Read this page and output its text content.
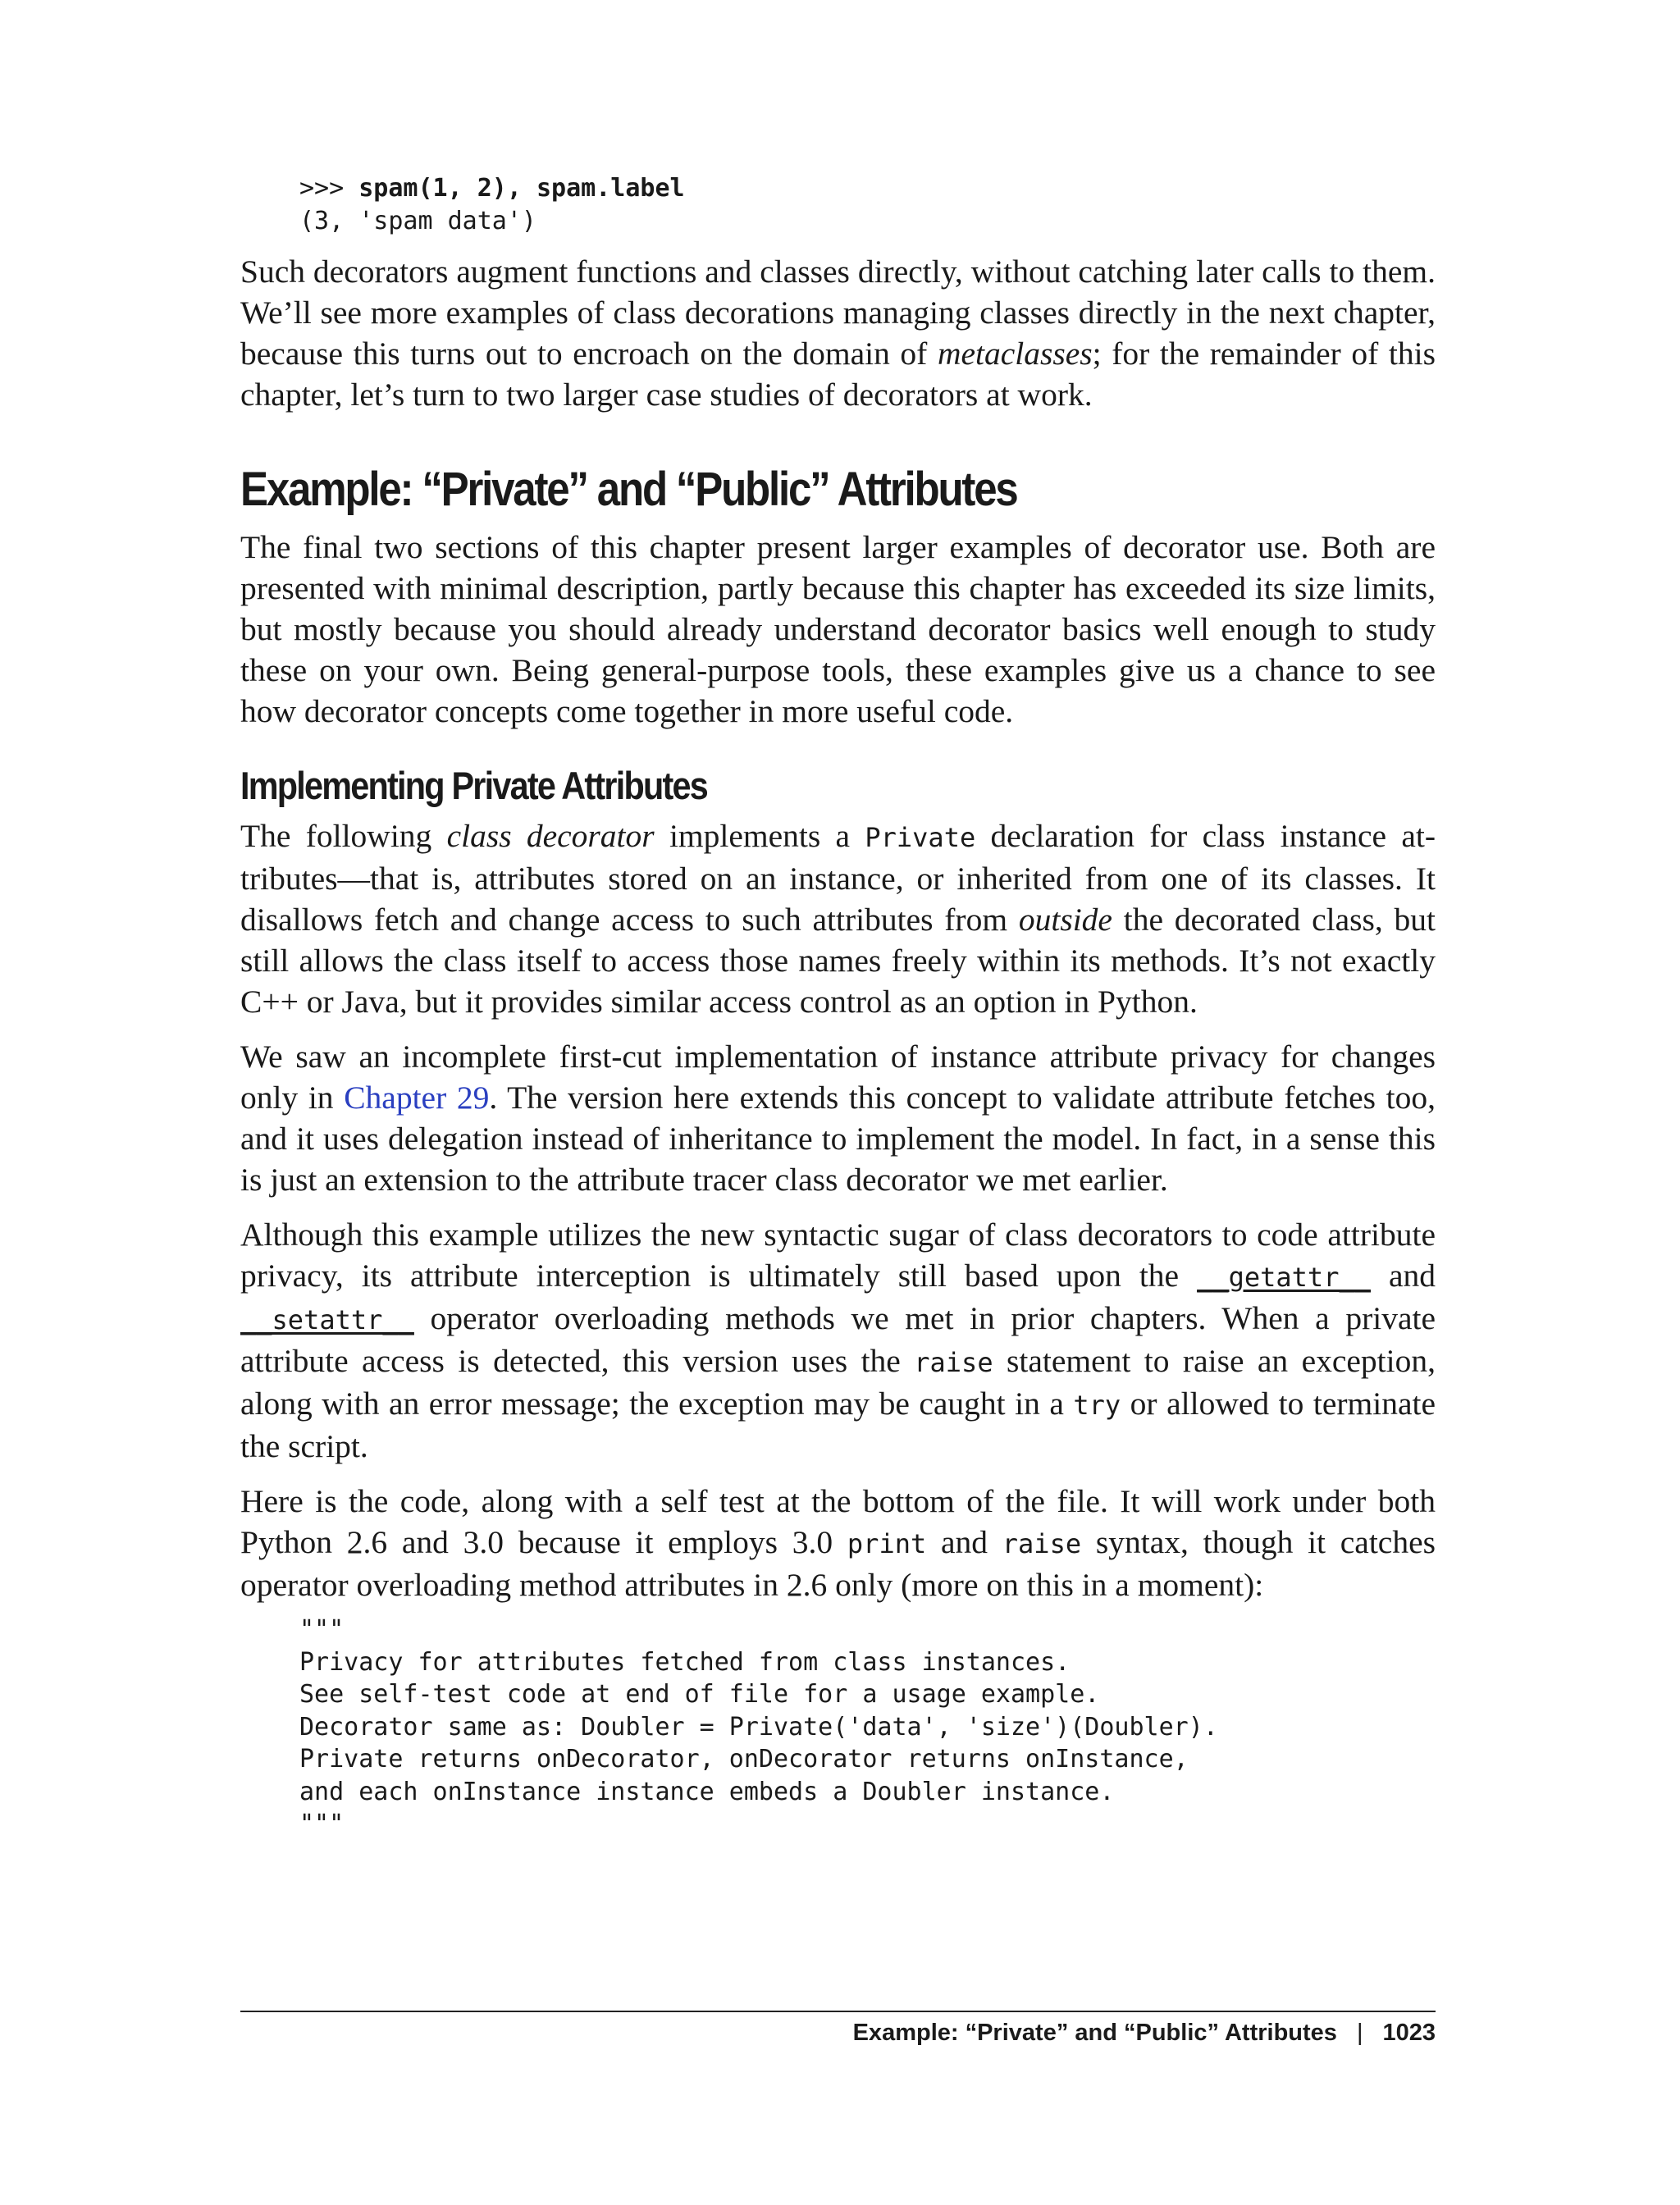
>>> spam(1, 2), spam.label
(3, 'spam data')

Such decorators augment functions and classes directly, without catching later calls to them. We’ll see more examples of class decorations managing classes directly in the next chapter, because this turns out to encroach on the domain of metaclasses; for the remainder of this chapter, let’s turn to two larger case studies of decorators at work.

Example: “Private” and “Public” Attributes

The final two sections of this chapter present larger examples of decorator use. Both are presented with minimal description, partly because this chapter has exceeded its size limits, but mostly because you should already understand decorator basics well enough to study these on your own. Being general-purpose tools, these examples give us a chance to see how decorator concepts come together in more useful code.

Implementing Private Attributes

The following class decorator implements a Private declaration for class instance attributes—that is, attributes stored on an instance, or inherited from one of its classes. It disallows fetch and change access to such attributes from outside the decorated class, but still allows the class itself to access those names freely within its methods. It’s not exactly C++ or Java, but it provides similar access control as an option in Python.

We saw an incomplete first-cut implementation of instance attribute privacy for changes only in Chapter 29. The version here extends this concept to validate attribute fetches too, and it uses delegation instead of inheritance to implement the model. In fact, in a sense this is just an extension to the attribute tracer class decorator we met earlier.

Although this example utilizes the new syntactic sugar of class decorators to code attribute privacy, its attribute interception is ultimately still based upon the __getattr__ and __setattr__ operator overloading methods we met in prior chapters. When a private attribute access is detected, this version uses the raise statement to raise an exception, along with an error message; the exception may be caught in a try or allowed to terminate the script.

Here is the code, along with a self test at the bottom of the file. It will work under both Python 2.6 and 3.0 because it employs 3.0 print and raise syntax, though it catches operator overloading method attributes in 2.6 only (more on this in a moment):

"""
Privacy for attributes fetched from class instances.
See self-test code at end of file for a usage example.
Decorator same as: Doubler = Private('data', 'size')(Doubler).
Private returns onDecorator, onDecorator returns onInstance,
and each onInstance instance embeds a Doubler instance.
"""
Example: “Private” and “Public” Attributes | 1023
